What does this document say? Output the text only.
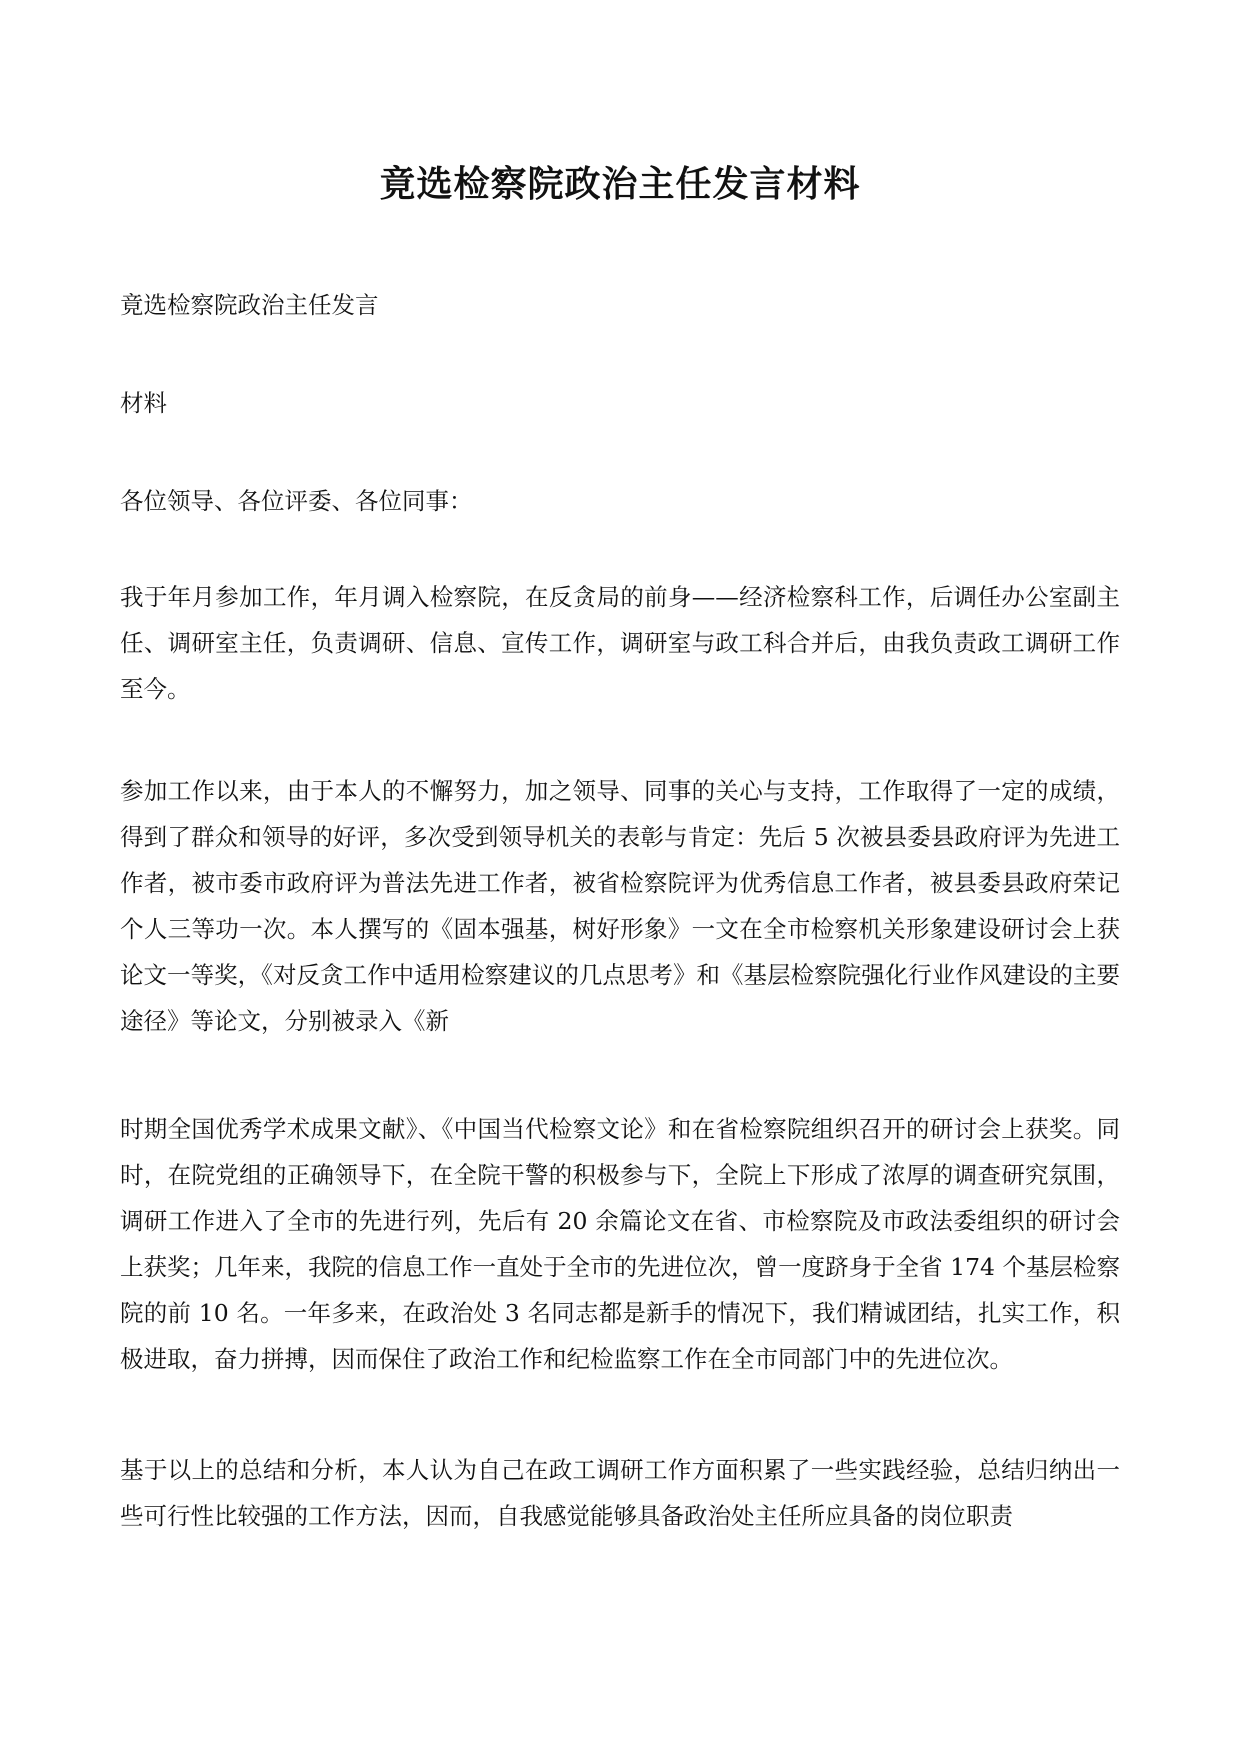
竟选检察院政治主任发言材料

竟选检察院政治主任发言

材料

各位领导、各位评委、各位同事：

我于年月参加工作，年月调入检察院，在反贪局的前身——经济检察科工作，后调任办公室副主任、调研室主任，负责调研、信息、宣传工作，调研室与政工科合并后，由我负责政工调研工作至今。

参加工作以来，由于本人的不懈努力，加之领导、同事的关心与支持，工作取得了一定的成绩，得到了群众和领导的好评，多次受到领导机关的表彰与肯定：先后 5 次被县委县政府评为先进工作者，被市委市政府评为普法先进工作者，被省检察院评为优秀信息工作者，被县委县政府荣记个人三等功一次。本人撰写的《固本强基，树好形象》一文在全市检察机关形象建设研讨会上获论文一等奖，《对反贪工作中适用检察建议的几点思考》和《基层检察院强化行业作风建设的主要途径》等论文，分别被录入《新

时期全国优秀学术成果文献》、《中国当代检察文论》和在省检察院组织召开的研讨会上获奖。同时，在院党组的正确领导下，在全院干警的积极参与下，全院上下形成了浓厚的调查研究氛围，调研工作进入了全市的先进行列，先后有 20 余篇论文在省、市检察院及市政法委组织的研讨会上获奖；几年来，我院的信息工作一直处于全市的先进位次，曾一度跻身于全省 174 个基层检察院的前 10 名。一年多来，在政治处 3 名同志都是新手的情况下，我们精诚团结，扎实工作，积极进取，奋力拼搏，因而保住了政治工作和纪检监察工作在全市同部门中的先进位次。

基于以上的总结和分析，本人认为自己在政工调研工作方面积累了一些实践经验，总结归纳出一些可行性比较强的工作方法，因而，自我感觉能够具备政治处主任所应具备的岗位职责
